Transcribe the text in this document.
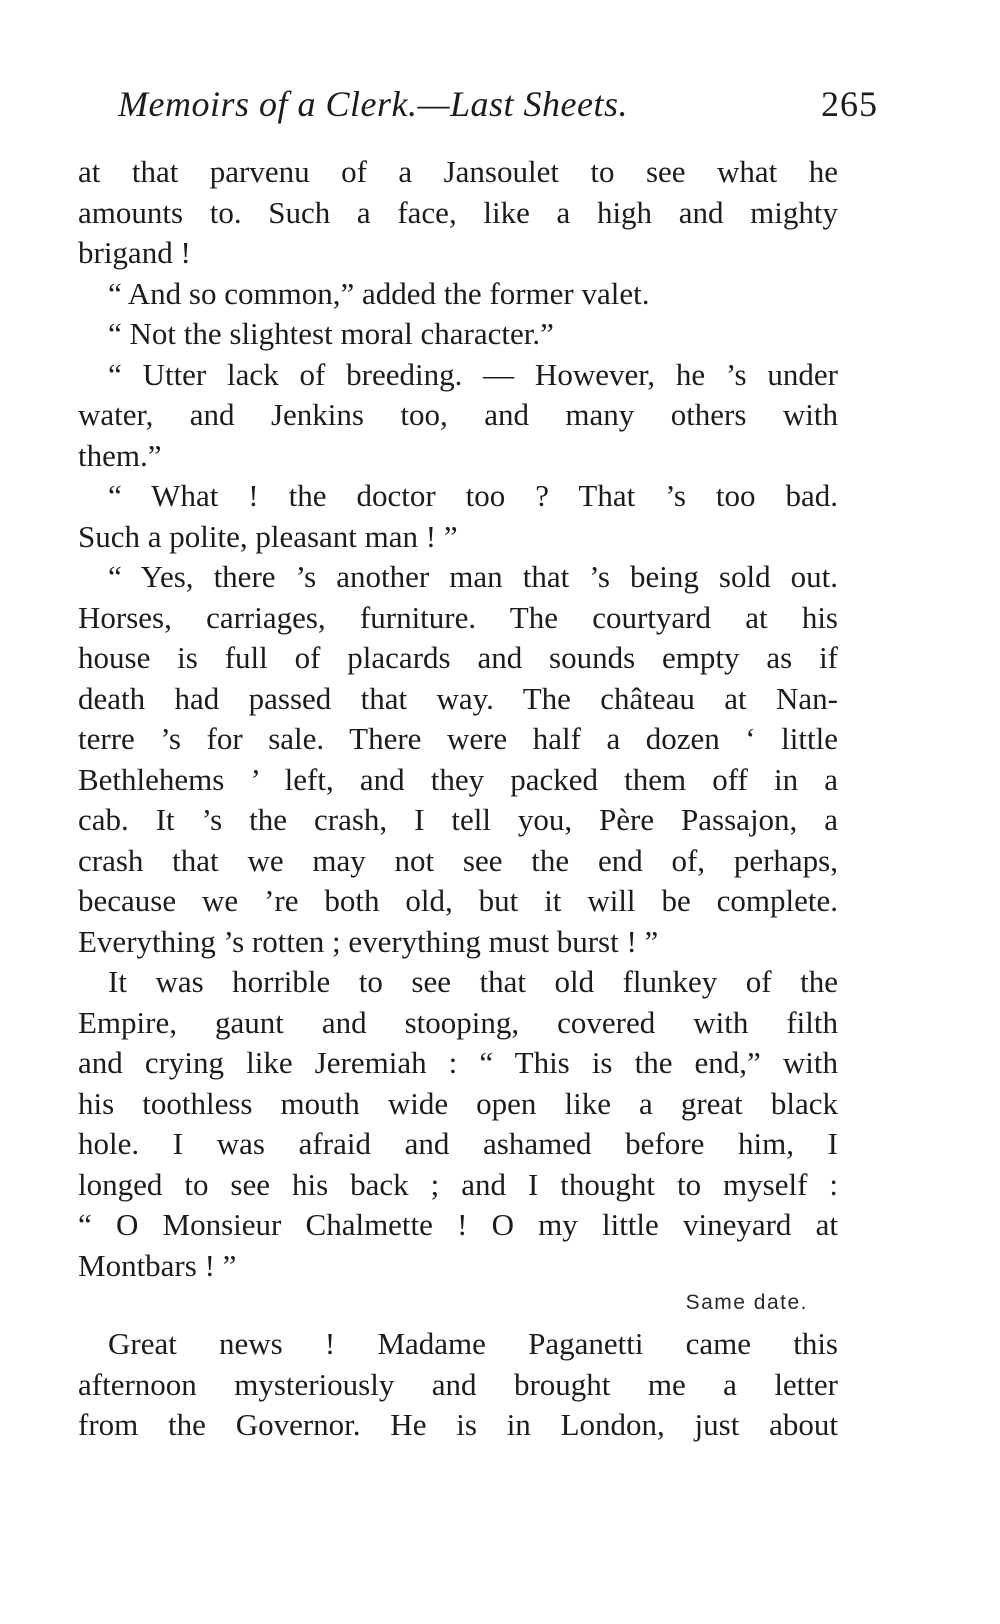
Memoirs of a Clerk.—Last Sheets.	265
at that parvenu of a Jansoulet to see what he
amounts to. Such a face, like a high and mighty
brigand !
“ And so common,” added the former valet.
“ Not the slightest moral character.”
“ Utter lack of breeding. — However, he ’s under
water, and Jenkins too, and many others with
them.”
“ What ! the doctor too ? That ’s too bad.
Such a polite, pleasant man ! ”
“ Yes, there ’s another man that ’s being sold out.
Horses, carriages, furniture. The courtyard at his
house is full of placards and sounds empty as if
death had passed that way. The château at Nan-
terre ’s for sale. There were half a dozen ‘ little
Bethlehems ’ left, and they packed them off in a
cab. It ’s the crash, I tell you, Père Passajon, a
crash that we may not see the end of, perhaps,
because we ’re both old, but it will be complete.
Everything ’s rotten ; everything must burst ! ”
It was horrible to see that old flunkey of the
Empire, gaunt and stooping, covered with filth
and crying like Jeremiah : “ This is the end,” with
his toothless mouth wide open like a great black
hole. I was afraid and ashamed before him, I
longed to see his back ; and I thought to myself :
“ O Monsieur Chalmette ! O my little vineyard at
Montbars ! ”
Same date.
Great news ! Madame Paganetti came this
afternoon mysteriously and brought me a letter
from the Governor. He is in London, just about
